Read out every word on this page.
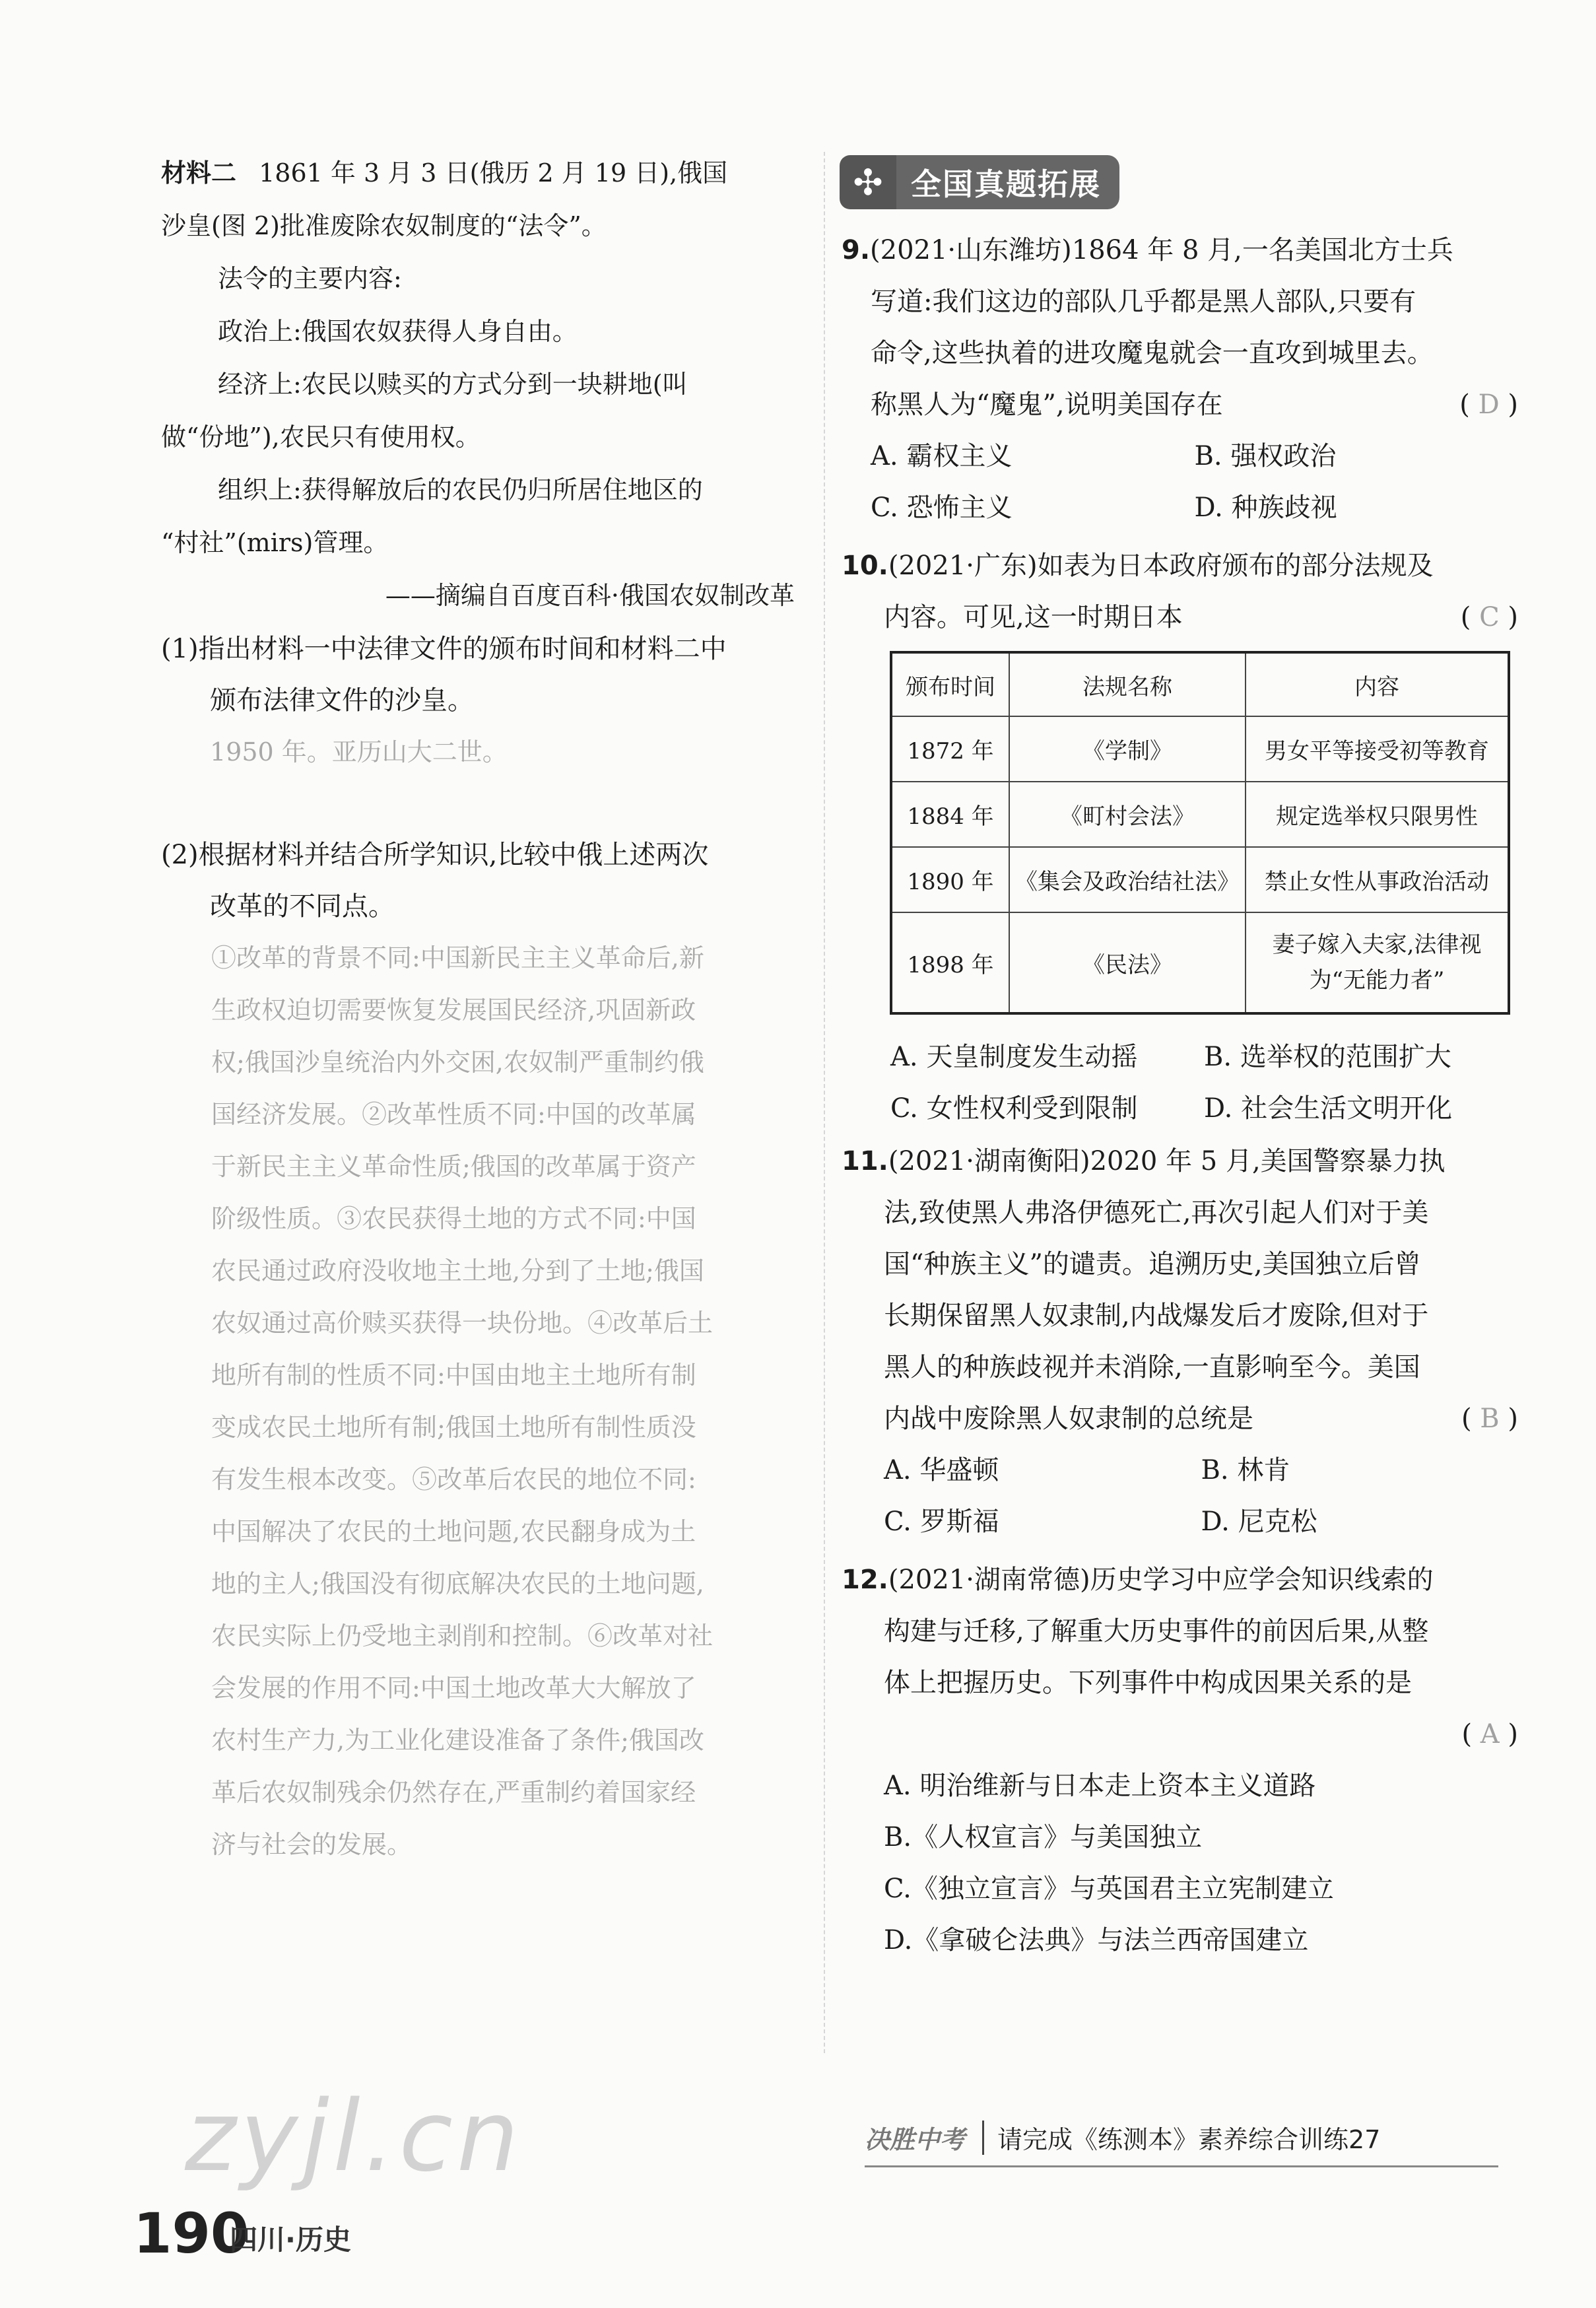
材料二 1861 年 3 月 3 日(俄历 2 月 19 日),俄国
沙皇(图 2)批准废除农奴制度的“法令”。
法令的主要内容:
政治上:俄国农奴获得人身自由。
经济上:农民以赎买的方式分到一块耕地(叫
做“份地”),农民只有使用权。
组织上:获得解放后的农民仍归所居住地区的
“村社”(mirs)管理。
——摘编自百度百科·俄国农奴制改革
(1)指出材料一中法律文件的颁布时间和材料二中
颁布法律文件的沙皇。
1950 年。亚历山大二世。
(2)根据材料并结合所学知识,比较中俄上述两次
改革的不同点。
①改革的背景不同:中国新民主主义革命后,新
生政权迫切需要恢复发展国民经济,巩固新政
权;俄国沙皇统治内外交困,农奴制严重制约俄
国经济发展。②改革性质不同:中国的改革属
于新民主主义革命性质;俄国的改革属于资产
阶级性质。③农民获得土地的方式不同:中国
农民通过政府没收地主土地,分到了土地;俄国
农奴通过高价赎买获得一块份地。④改革后土
地所有制的性质不同:中国由地主土地所有制
变成农民土地所有制;俄国土地所有制性质没
有发生根本改变。⑤改革后农民的地位不同:
中国解决了农民的土地问题,农民翻身成为土
地的主人;俄国没有彻底解决农民的土地问题,
农民实际上仍受地主剥削和控制。⑥改革对社
会发展的作用不同:中国土地改革大大解放了
农村生产力,为工业化建设准备了条件;俄国改
革后农奴制残余仍然存在,严重制约着国家经
济与社会的发展。
✣ 全国真题拓展
9.(2021·山东潍坊)1864 年 8 月,一名美国北方士兵
写道:我们这边的部队几乎都是黑人部队,只要有
命令,这些执着的进攻魔鬼就会一直攻到城里去。
称黑人为“魔鬼”,说明美国存在	( D )
A. 霸权主义	B. 强权政治
C. 恐怖主义	D. 种族歧视
10.(2021·广东)如表为日本政府颁布的部分法规及
内容。可见,这一时期日本	( C )
颁布时间	法规名称	内容
1872 年	《学制》	男女平等接受初等教育
1884 年	《町村会法》	规定选举权只限男性
1890 年	《集会及政治结社法》	禁止女性从事政治活动
1898 年	《民法》	妻子嫁入夫家,法律视为“无能力者”
A. 天皇制度发生动摇	B. 选举权的范围扩大
C. 女性权利受到限制	D. 社会生活文明开化
11.(2021·湖南衡阳)2020 年 5 月,美国警察暴力执
法,致使黑人弗洛伊德死亡,再次引起人们对于美
国“种族主义”的谴责。追溯历史,美国独立后曾
长期保留黑人奴隶制,内战爆发后才废除,但对于
黑人的种族歧视并未消除,一直影响至今。美国
内战中废除黑人奴隶制的总统是	( B )
A. 华盛顿	B. 林肯
C. 罗斯福	D. 尼克松
12.(2021·湖南常德)历史学习中应学会知识线索的
构建与迁移,了解重大历史事件的前因后果,从整
体上把握历史。下列事件中构成因果关系的是
( A )
A. 明治维新与日本走上资本主义道路
B.《人权宣言》与美国独立
C.《独立宣言》与英国君主立宪制建立
D.《拿破仑法典》与法兰西帝国建立
zyjl.cn	决胜中考 请完成《练测本》素养综合训练27
190
四川·历史
